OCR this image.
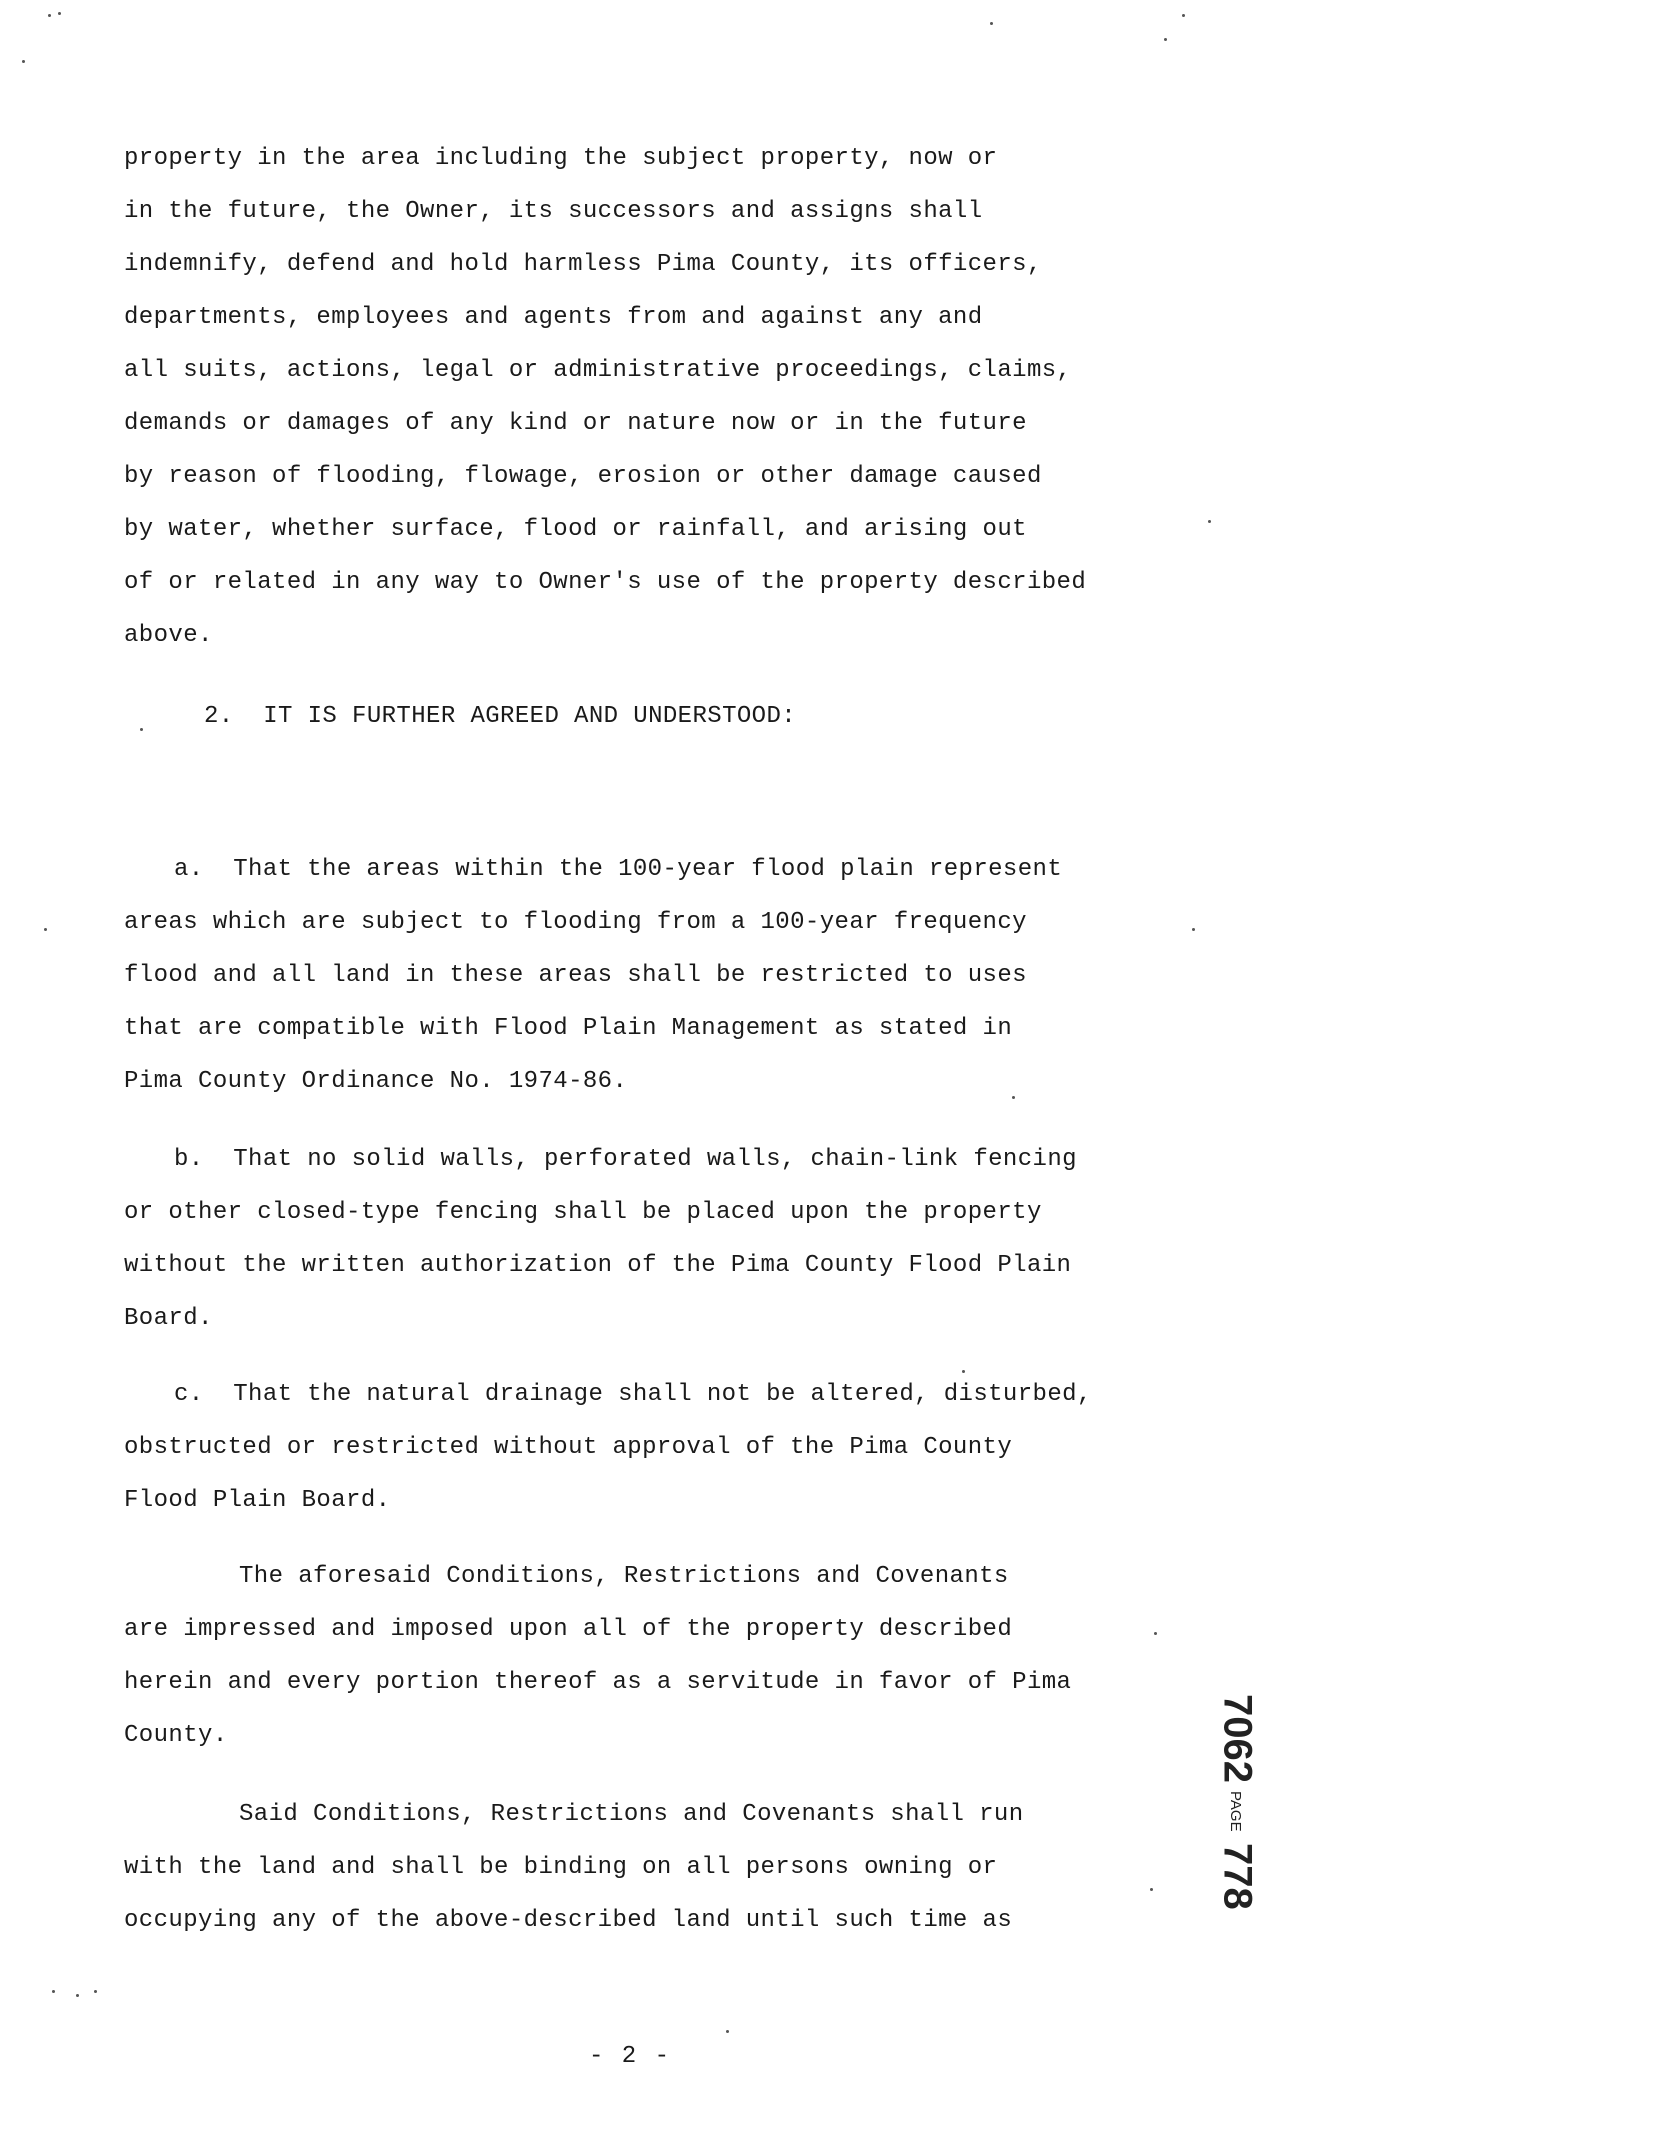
property in the area including the subject property, now or
in the future, the Owner, its successors and assigns shall
indemnify, defend and hold harmless Pima County, its officers,
departments, employees and agents from and against any and
all suits, actions, legal or administrative proceedings, claims,
demands or damages of any kind or nature now or in the future
by reason of flooding, flowage, erosion or other damage caused
by water, whether surface, flood or rainfall, and arising out
of or related in any way to Owner's use of the property described
above.
2.  IT IS FURTHER AGREED AND UNDERSTOOD:
a.  That the areas within the 100-year flood plain represent
areas which are subject to flooding from a 100-year frequency
flood and all land in these areas shall be restricted to uses
that are compatible with Flood Plain Management as stated in
Pima County Ordinance No. 1974-86.
b.  That no solid walls, perforated walls, chain-link fencing
or other closed-type fencing shall be placed upon the property
without the written authorization of the Pima County Flood Plain
Board.
c.  That the natural drainage shall not be altered, disturbed,
obstructed or restricted without approval of the Pima County
Flood Plain Board.
The aforesaid Conditions, Restrictions and Covenants
are impressed and imposed upon all of the property described
herein and every portion thereof as a servitude in favor of Pima
County.
Said Conditions, Restrictions and Covenants shall run
with the land and shall be binding on all persons owning or
occupying any of the above-described land until such time as
7062
PAGE
778
- 2 -
